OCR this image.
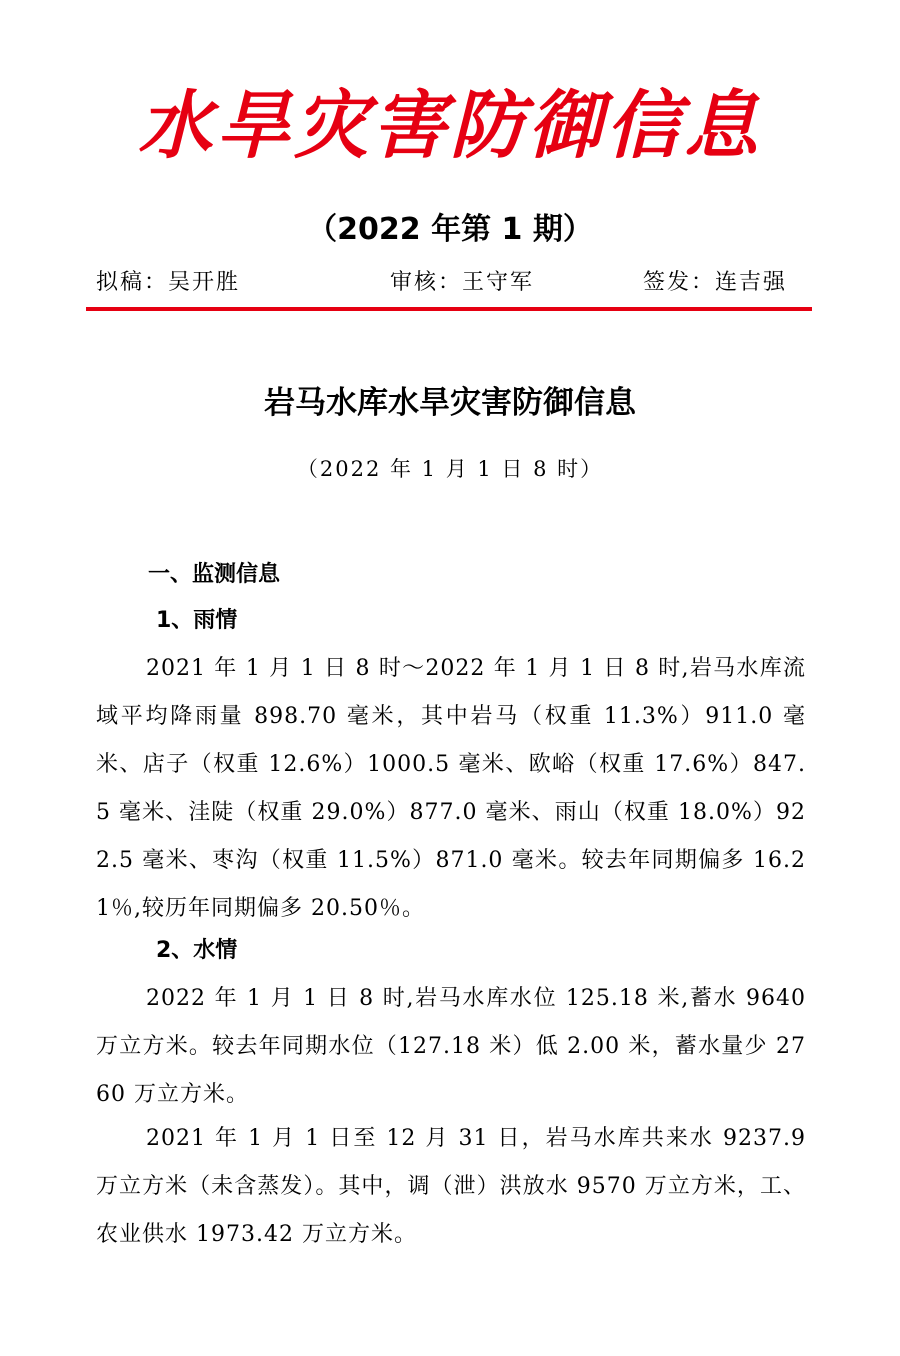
水旱灾害防御信息
（2022 年第 1 期）
拟稿：吴开胜	审核：王守军	签发：连吉强
岩马水库水旱灾害防御信息
（2022 年 1 月 1 日 8 时）
一、监测信息
1、雨情

2021 年 1 月 1 日 8 时～2022 年 1 月 1 日 8 时,岩马水库流域平均降雨量 898.70 毫米，其中岩马（权重 11.3%）911.0 毫米、店子（权重 12.6%）1000.5 毫米、欧峪（权重 17.6%）847.5 毫米、洼陡（权重 29.0%）877.0 毫米、雨山（权重 18.0%）922.5 毫米、枣沟（权重 11.5%）871.0 毫米。较去年同期偏多 16.21％,较历年同期偏多 20.50％。

2、水情

2022 年 1 月 1 日 8 时,岩马水库水位 125.18 米,蓄水 9640 万立方米。较去年同期水位（127.18 米）低 2.00 米，蓄水量少 2760 万立方米。

2021 年 1 月 1 日至 12 月 31 日，岩马水库共来水 9237.9 万立方米（未含蒸发）。其中，调（泄）洪放水 9570 万立方米，工、农业供水 1973.42 万立方米。
